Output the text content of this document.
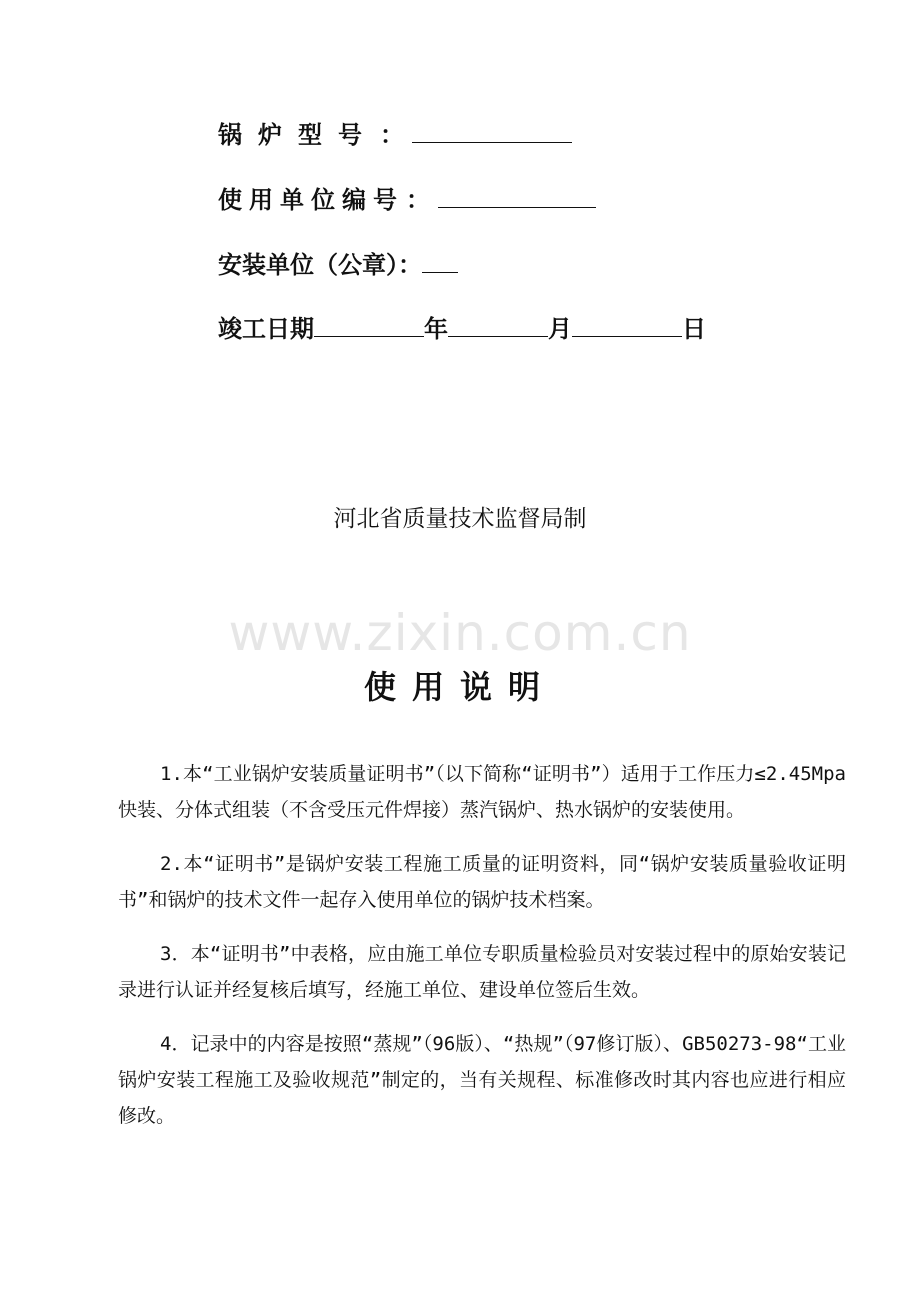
锅炉型号：
使用单位编号：
安装单位（公章）：
竣工日期	年	月	日
河北省质量技术监督局制
www.zixin.com.cn
使用说明

1.本“工业锅炉安装质量证明书”（以下简称“证明书”）适用于工作压力≤2.45Mpa快装、分体式组装（不含受压元件焊接）蒸汽锅炉、热水锅炉的安装使用。

2.本“证明书”是锅炉安装工程施工质量的证明资料，同“锅炉安装质量验收证明书”和锅炉的技术文件一起存入使用单位的锅炉技术档案。

3．本“证明书”中表格，应由施工单位专职质量检验员对安装过程中的原始安装记录进行认证并经复核后填写，经施工单位、建设单位签后生效。

4．记录中的内容是按照“蒸规”（96版）、“热规”（97修订版）、GB50273-98“工业锅炉安装工程施工及验收规范”制定的，当有关规程、标准修改时其内容也应进行相应修改。
